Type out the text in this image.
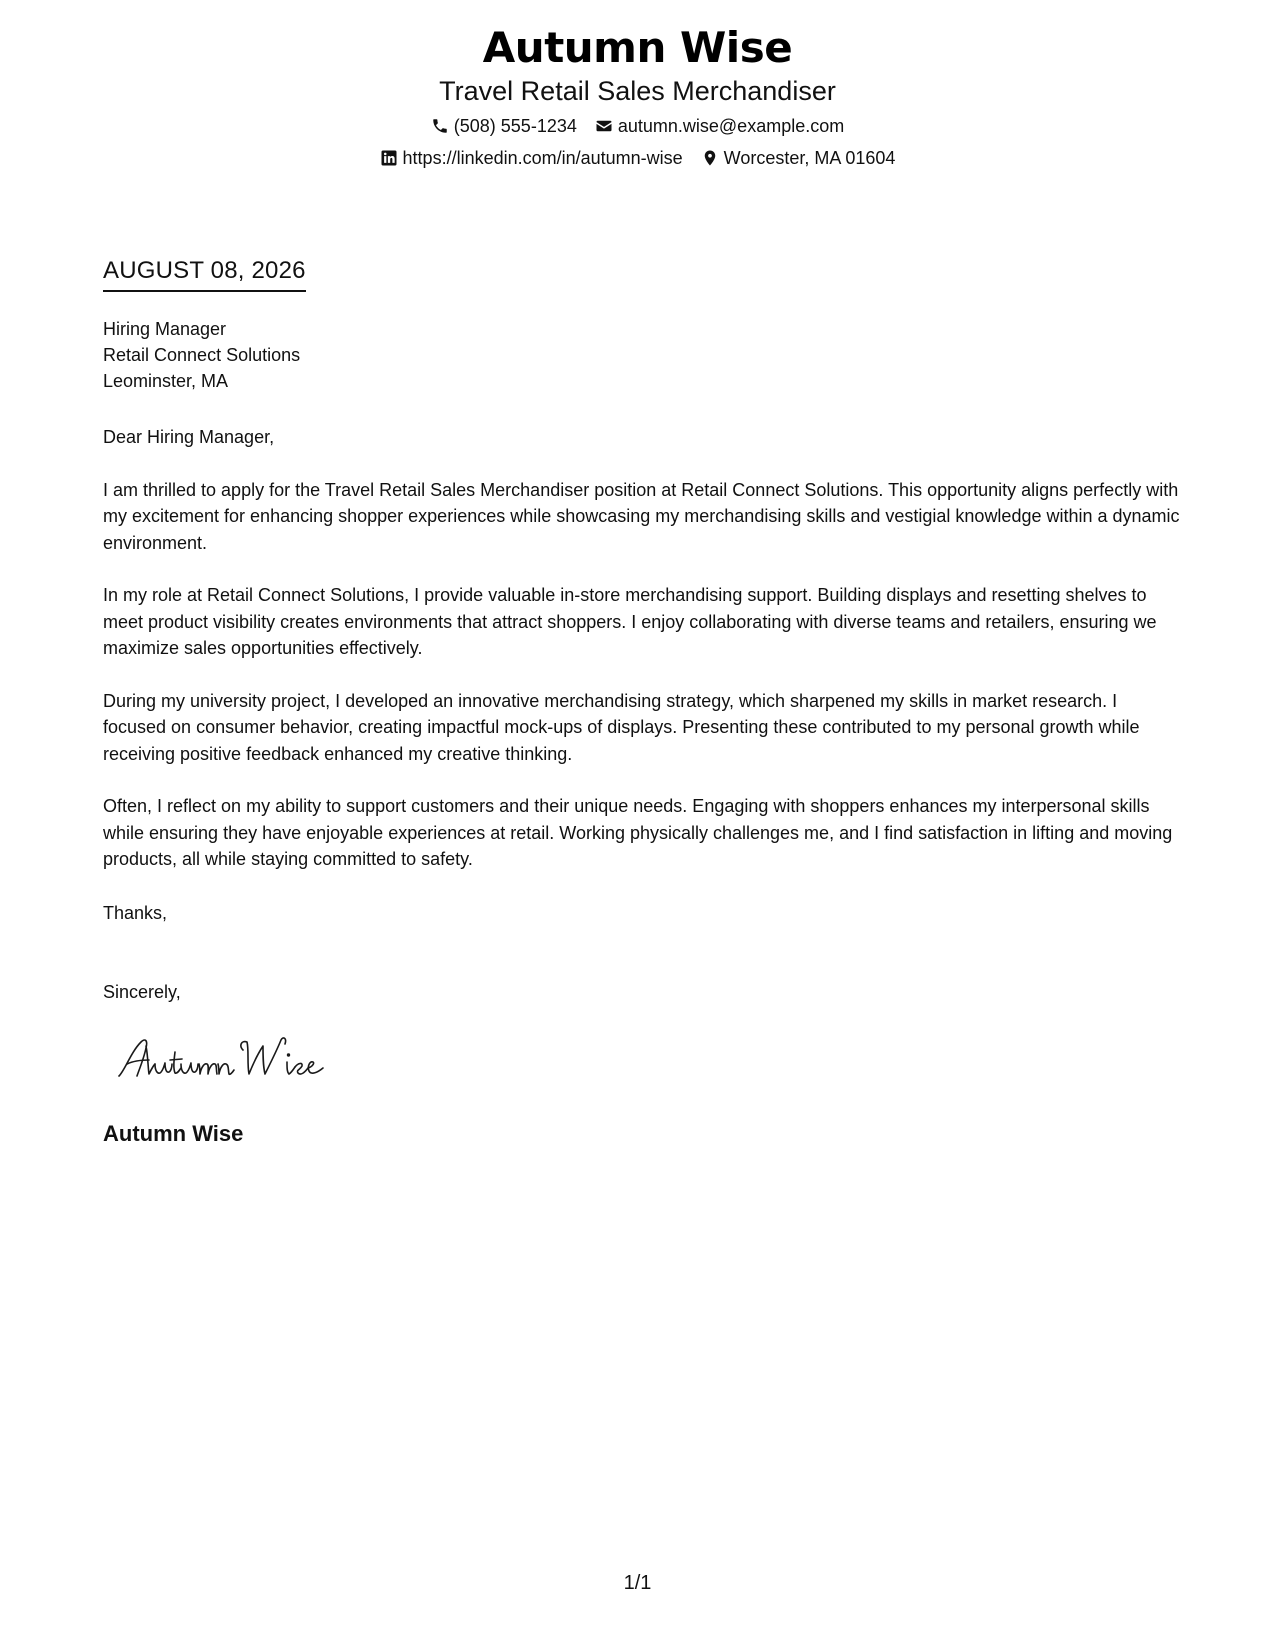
Autumn Wise
Travel Retail Sales Merchandiser
(508) 555-1234 autumn.wise@example.com
https://linkedin.com/in/autumn-wise Worcester, MA 01604
AUGUST 08, 2026
Hiring Manager
Retail Connect Solutions
Leominster, MA

Dear Hiring Manager,

I am thrilled to apply for the Travel Retail Sales Merchandiser position at Retail Connect Solutions. This opportunity aligns perfectly with my excitement for enhancing shopper experiences while showcasing my merchandising skills and vestigial knowledge within a dynamic environment.

In my role at Retail Connect Solutions, I provide valuable in-store merchandising support. Building displays and resetting shelves to meet product visibility creates environments that attract shoppers. I enjoy collaborating with diverse teams and retailers, ensuring we maximize sales opportunities effectively.

During my university project, I developed an innovative merchandising strategy, which sharpened my skills in market research. I focused on consumer behavior, creating impactful mock-ups of displays. Presenting these contributed to my personal growth while receiving positive feedback enhanced my creative thinking.

Often, I reflect on my ability to support customers and their unique needs. Engaging with shoppers enhances my interpersonal skills while ensuring they have enjoyable experiences at retail. Working physically challenges me, and I find satisfaction in lifting and moving products, all while staying committed to safety.

Thanks,
Sincerely,
Autumn Wise
1/1
